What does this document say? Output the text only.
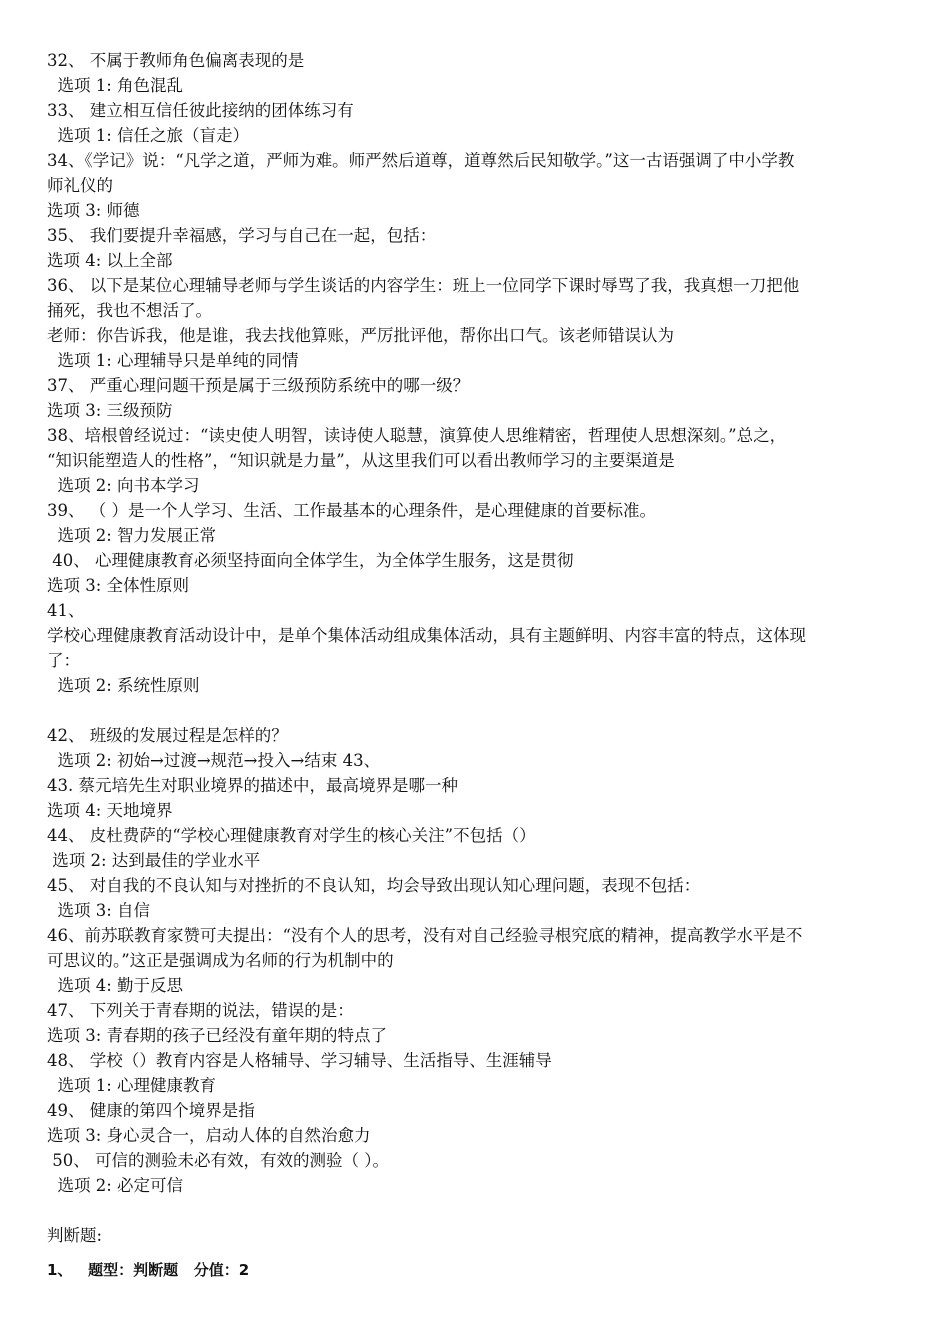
32、 不属于教师角色偏离表现的是
选项 1: 角色混乱
33、 建立相互信任彼此接纳的团体练习有
选项 1: 信任之旅（盲走）
34、《学记》说：“凡学之道，严师为难。师严然后道尊，道尊然后民知敬学。”这一古语强调了中小学教
师礼仪的
选项 3: 师德
35、 我们要提升幸福感，学习与自己在一起，包括：
选项 4: 以上全部
36、 以下是某位心理辅导老师与学生谈话的内容学生：班上一位同学下课时辱骂了我，我真想一刀把他
捅死，我也不想活了。
老师：你告诉我，他是谁，我去找他算账，严厉批评他，帮你出口气。该老师错误认为
选项 1: 心理辅导只是单纯的同情
37、 严重心理问题干预是属于三级预防系统中的哪一级？
选项 3: 三级预防
38、培根曾经说过：“读史使人明智，读诗使人聪慧，演算使人思维精密，哲理使人思想深刻。”总之，
“知识能塑造人的性格”，“知识就是力量”，从这里我们可以看出教师学习的主要渠道是
选项 2: 向书本学习
39、 （ ）是一个人学习、生活、工作最基本的心理条件，是心理健康的首要标准。
选项 2: 智力发展正常
40、 心理健康教育必须坚持面向全体学生，为全体学生服务，这是贯彻
选项 3: 全体性原则
41、
学校心理健康教育活动设计中，是单个集体活动组成集体活动，具有主题鲜明、内容丰富的特点，这体现
了：
选项 2: 系统性原则
42、 班级的发展过程是怎样的？
选项 2: 初始→过渡→规范→投入→结束 43、
43. 蔡元培先生对职业境界的描述中，最高境界是哪一种
选项 4: 天地境界
44、 皮杜费萨的“学校心理健康教育对学生的核心关注”不包括（）
选项 2: 达到最佳的学业水平
45、 对自我的不良认知与对挫折的不良认知，均会导致出现认知心理问题，表现不包括：
选项 3: 自信
46、前苏联教育家赞可夫提出：“没有个人的思考，没有对自己经验寻根究底的精神，提高教学水平是不
可思议的。”这正是强调成为名师的行为机制中的
选项 4: 勤于反思
47、 下列关于青春期的说法，错误的是：
选项 3: 青春期的孩子已经没有童年期的特点了
48、 学校（）教育内容是人格辅导、学习辅导、生活指导、生涯辅导
选项 1: 心理健康教育
49、 健康的第四个境界是指
选项 3: 身心灵合一，启动人体的自然治愈力
50、 可信的测验未必有效，有效的测验（ ）。
选项 2: 必定可信
判断题:
1、   题型：判断题   分值：2
